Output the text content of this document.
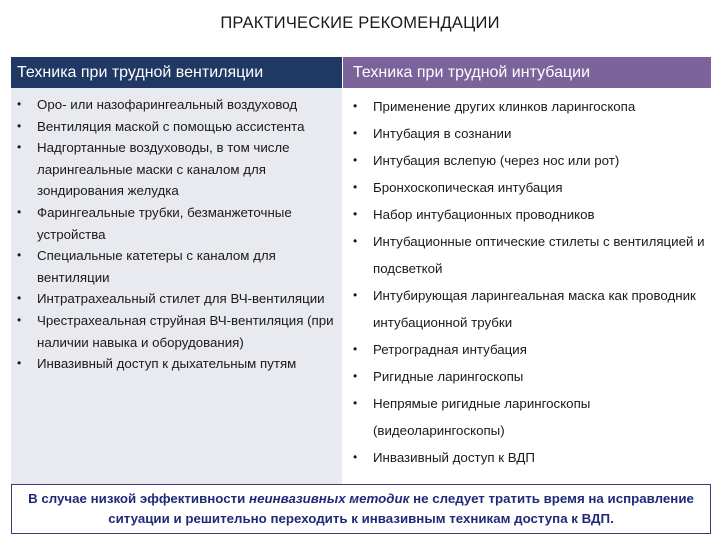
ПРАКТИЧЕСКИЕ РЕКОМЕНДАЦИИ
Техника при трудной вентиляции	Техника при трудной интубации
• Оро- или назофарингеальный воздуховод
• Вентиляция маской с помощью ассистента
• Надгортанные воздуховоды, в том числе ларингеальные маски с каналом для зондирования желудка
• Фарингеальные трубки, безманжеточные устройства
• Специальные катетеры с каналом для вентиляции
• Интратрахеальный стилет для ВЧ-вентиляции
• Чрестрахеальная струйная ВЧ-вентиляция (при наличии навыка и оборудования)
• Инвазивный доступ к дыхательным путям
• Применение других клинков ларингоскопа
• Интубация в сознании
• Интубация вслепую (через нос или рот)
• Бронхоскопическая интубация
• Набор интубационных проводников
• Интубационные оптические стилеты с вентиляцией и подсветкой
• Интубирующая ларингеальная маска как проводник интубационной трубки
• Ретроградная интубация
• Ригидные ларингоскопы
• Непрямые ригидные ларингоскопы (видеоларингоскопы)
• Инвазивный доступ к ВДП
В случае низкой эффективности неинвазивных методик не следует тратить время на исправление ситуации и решительно переходить к инвазивным техникам доступа к ВДП.
